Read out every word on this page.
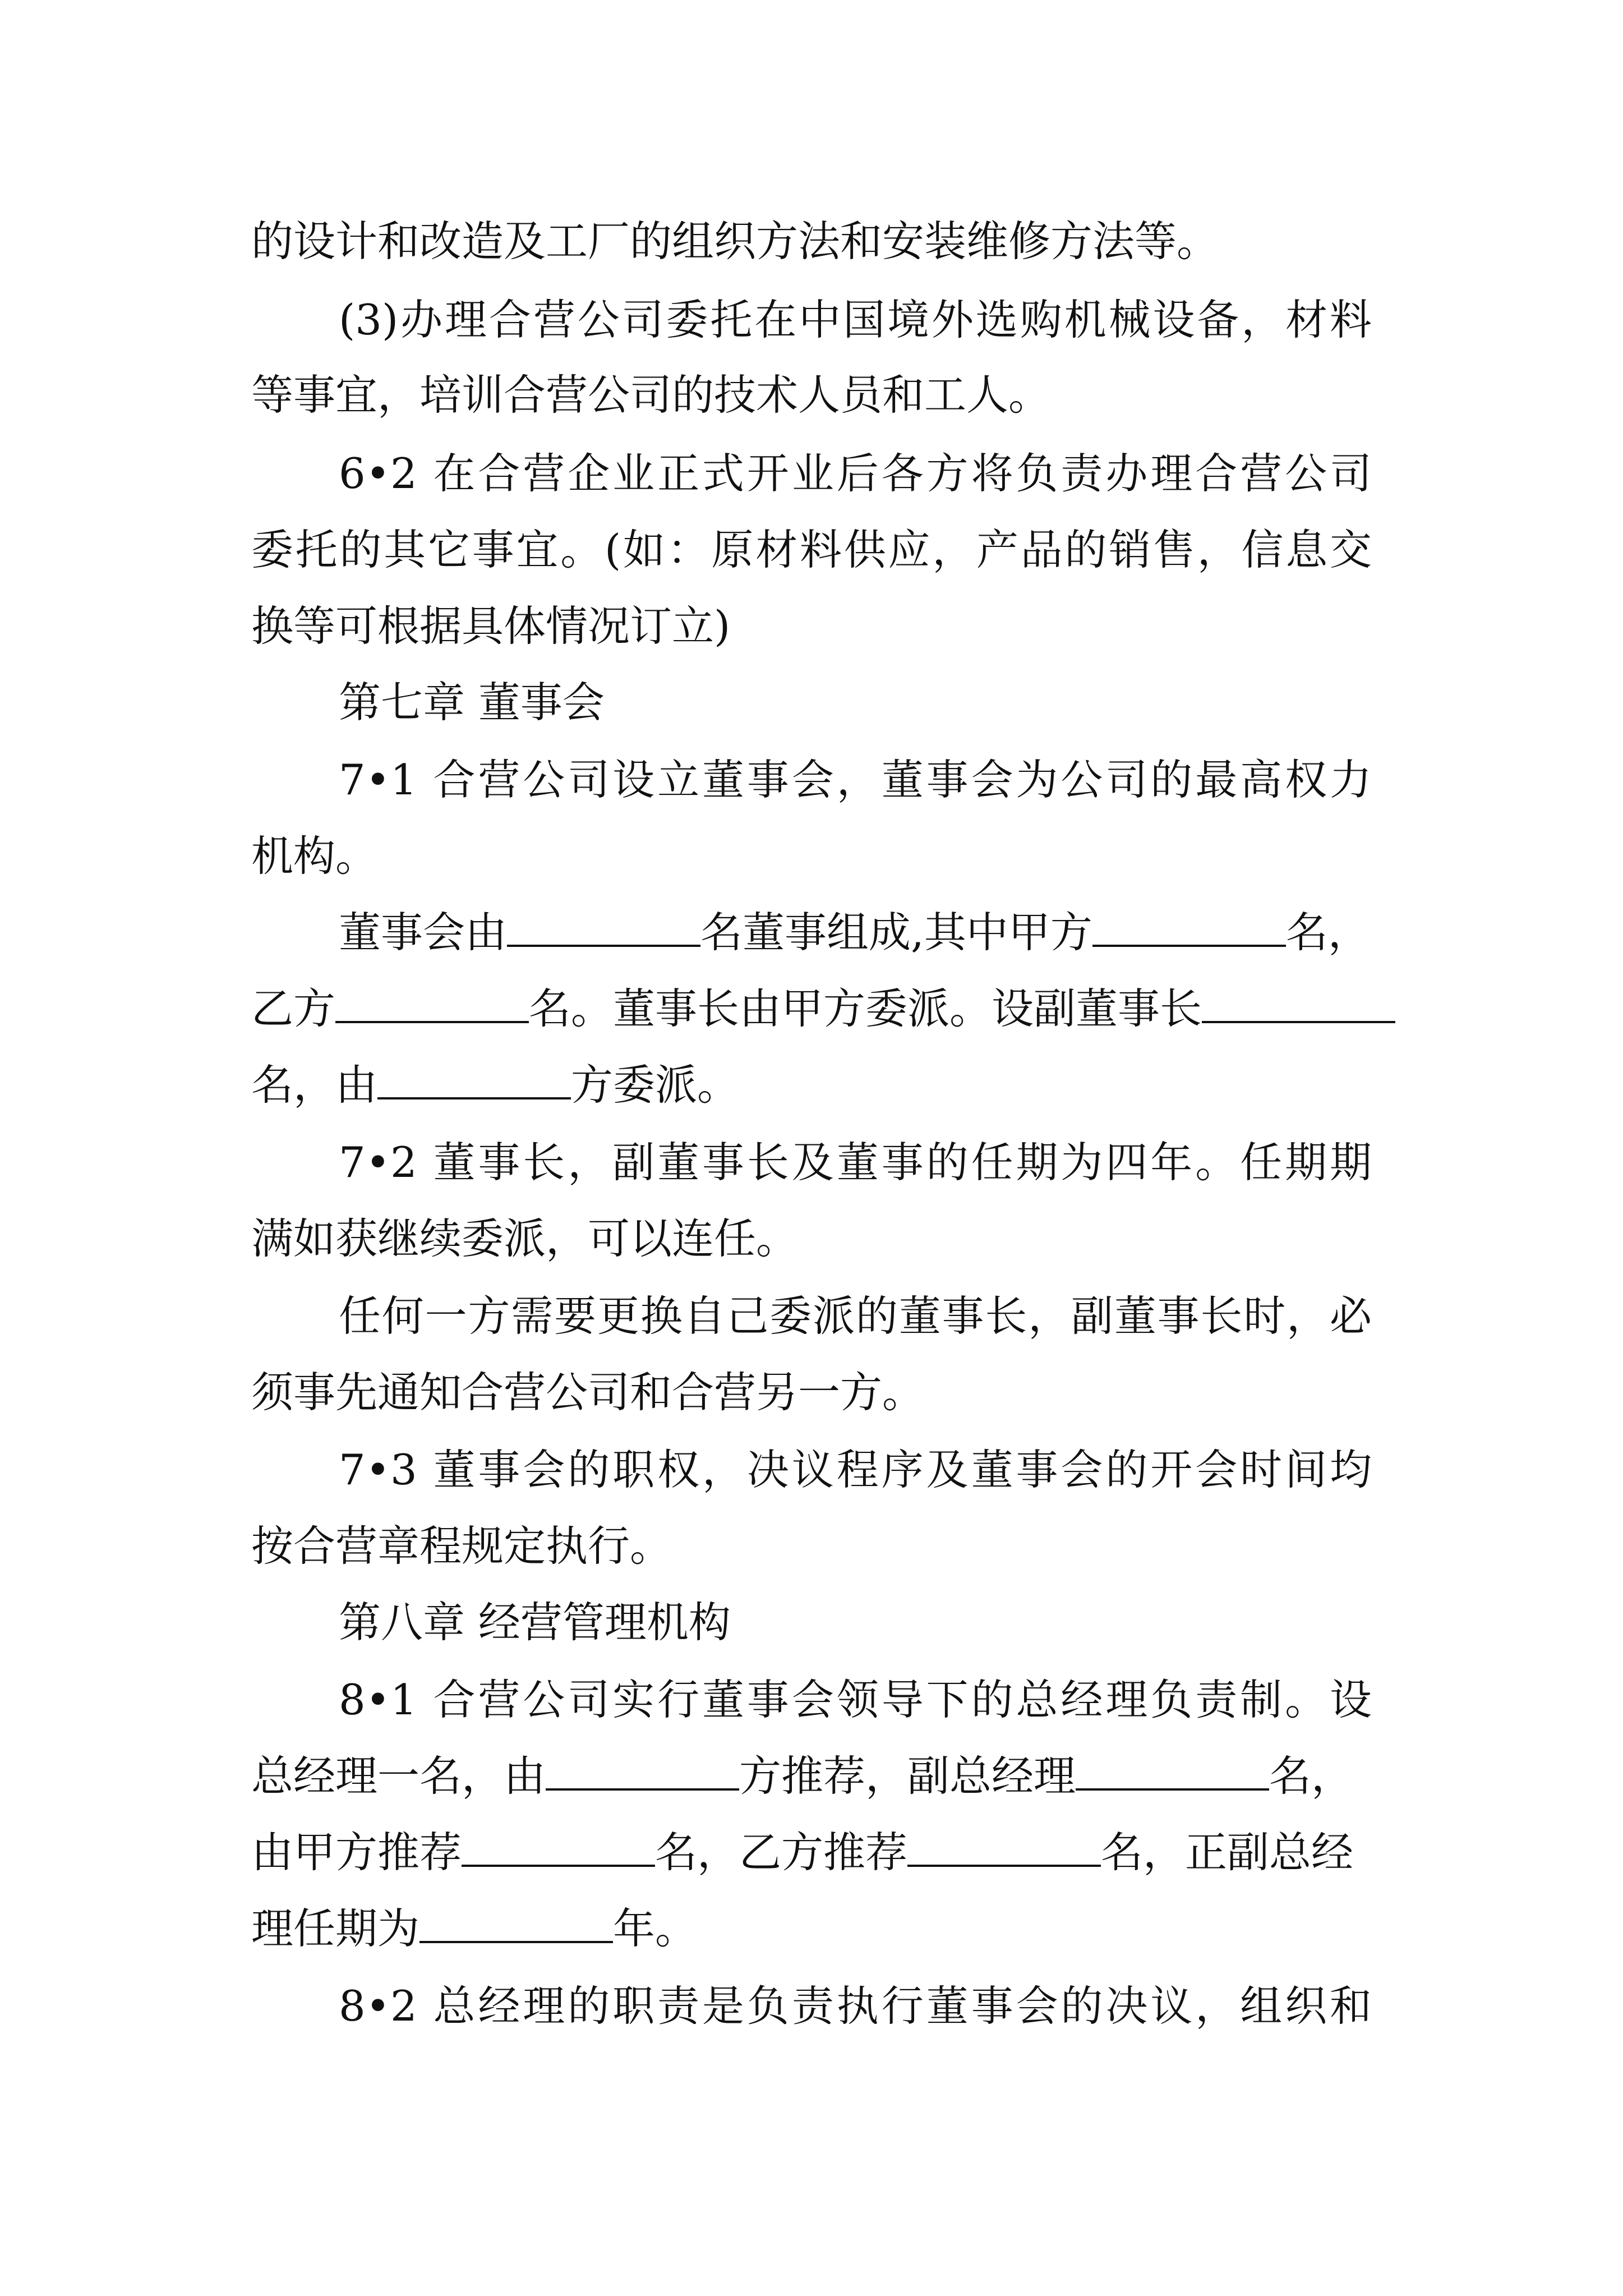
的设计和改造及工厂的组织方法和安装维修方法等。
(3)办理合营公司委托在中国境外选购机械设备，材料
等事宜，培训合营公司的技术人员和工人。
6•2 在合营企业正式开业后各方将负责办理合营公司
委托的其它事宜。(如：原材料供应，产品的销售，信息交
换等可根据具体情况订立)
第七章 董事会
7•1 合营公司设立董事会，董事会为公司的最高权力
机构。
董事会由	名董事组成,其中甲方	名，
乙方	名。董事长由甲方委派。设副董事长
名，由	方委派。
7•2 董事长，副董事长及董事的任期为四年。任期期
满如获继续委派，可以连任。
任何一方需要更换自己委派的董事长，副董事长时，必
须事先通知合营公司和合营另一方。
7•3 董事会的职权，决议程序及董事会的开会时间均
按合营章程规定执行。
第八章 经营管理机构
8•1 合营公司实行董事会领导下的总经理负责制。设
总经理一名，由	方推荐，副总经理	名，
由甲方推荐	名，乙方推荐	名，正副总经
理任期为	年。
8•2 总经理的职责是负责执行董事会的决议，组织和
